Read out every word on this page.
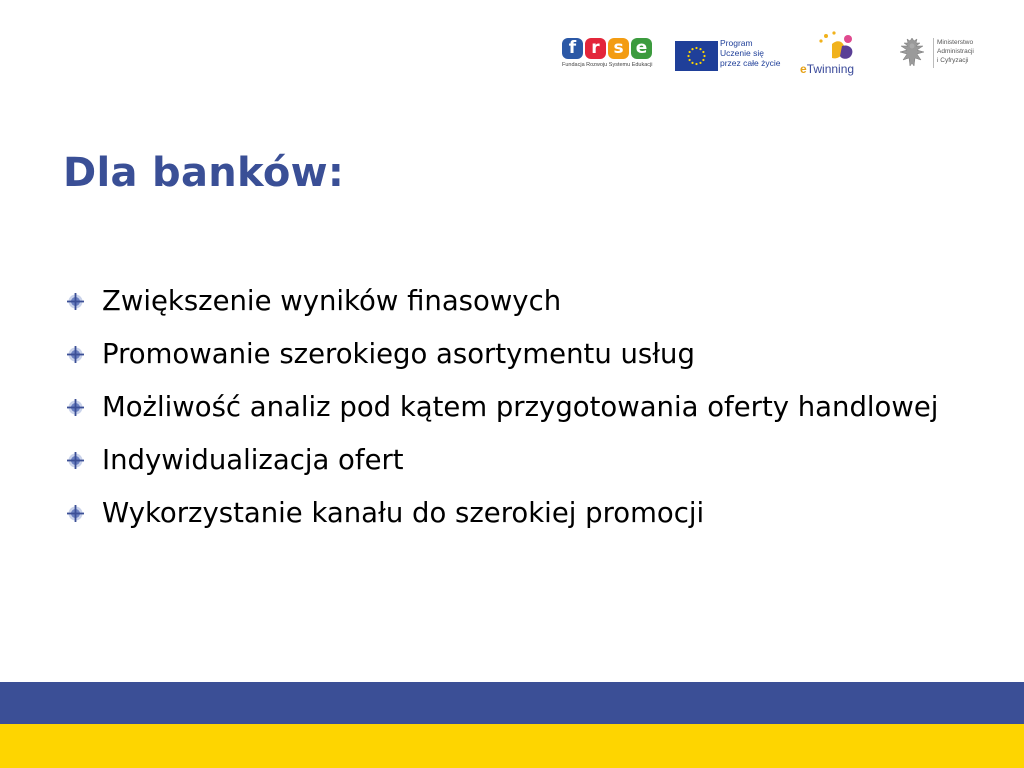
f r s e
Fundacja Rozwoju Systemu Edukacji
Program
Uczenie się
przez całe życie	eTwinning
Ministerstwo
Administracji
i Cyfryzacji
Dla banków:
Zwiększenie wyników finasowych
Promowanie szerokiego asortymentu usług
Możliwość analiz pod kątem przygotowania oferty handlowej
Indywidualizacja ofert
Wykorzystanie kanału do szerokiej promocji
